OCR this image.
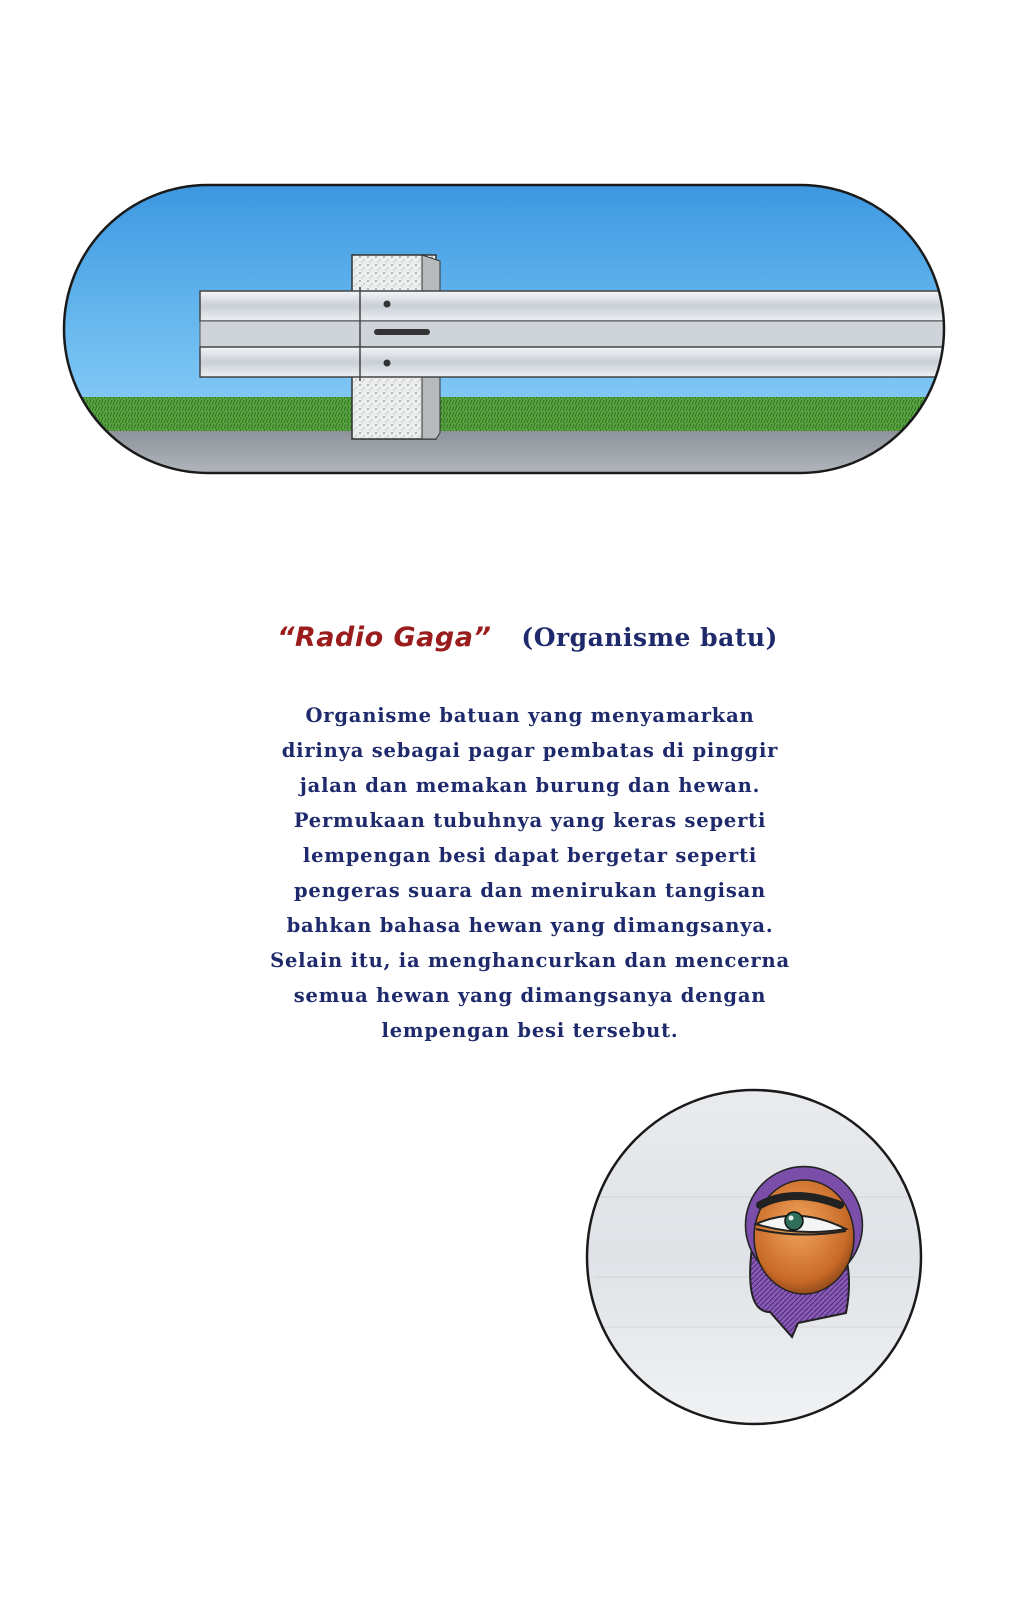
“Radio Gaga” (Organisme batu)
Organisme batuan yang menyamarkan
dirinya sebagai pagar pembatas di pinggir
jalan dan memakan burung dan hewan.
Permukaan tubuhnya yang keras seperti
lempengan besi dapat bergetar seperti
pengeras suara dan menirukan tangisan
bahkan bahasa hewan yang dimangsanya.
Selain itu, ia menghancurkan dan mencerna
semua hewan yang dimangsanya dengan
lempengan besi tersebut.
